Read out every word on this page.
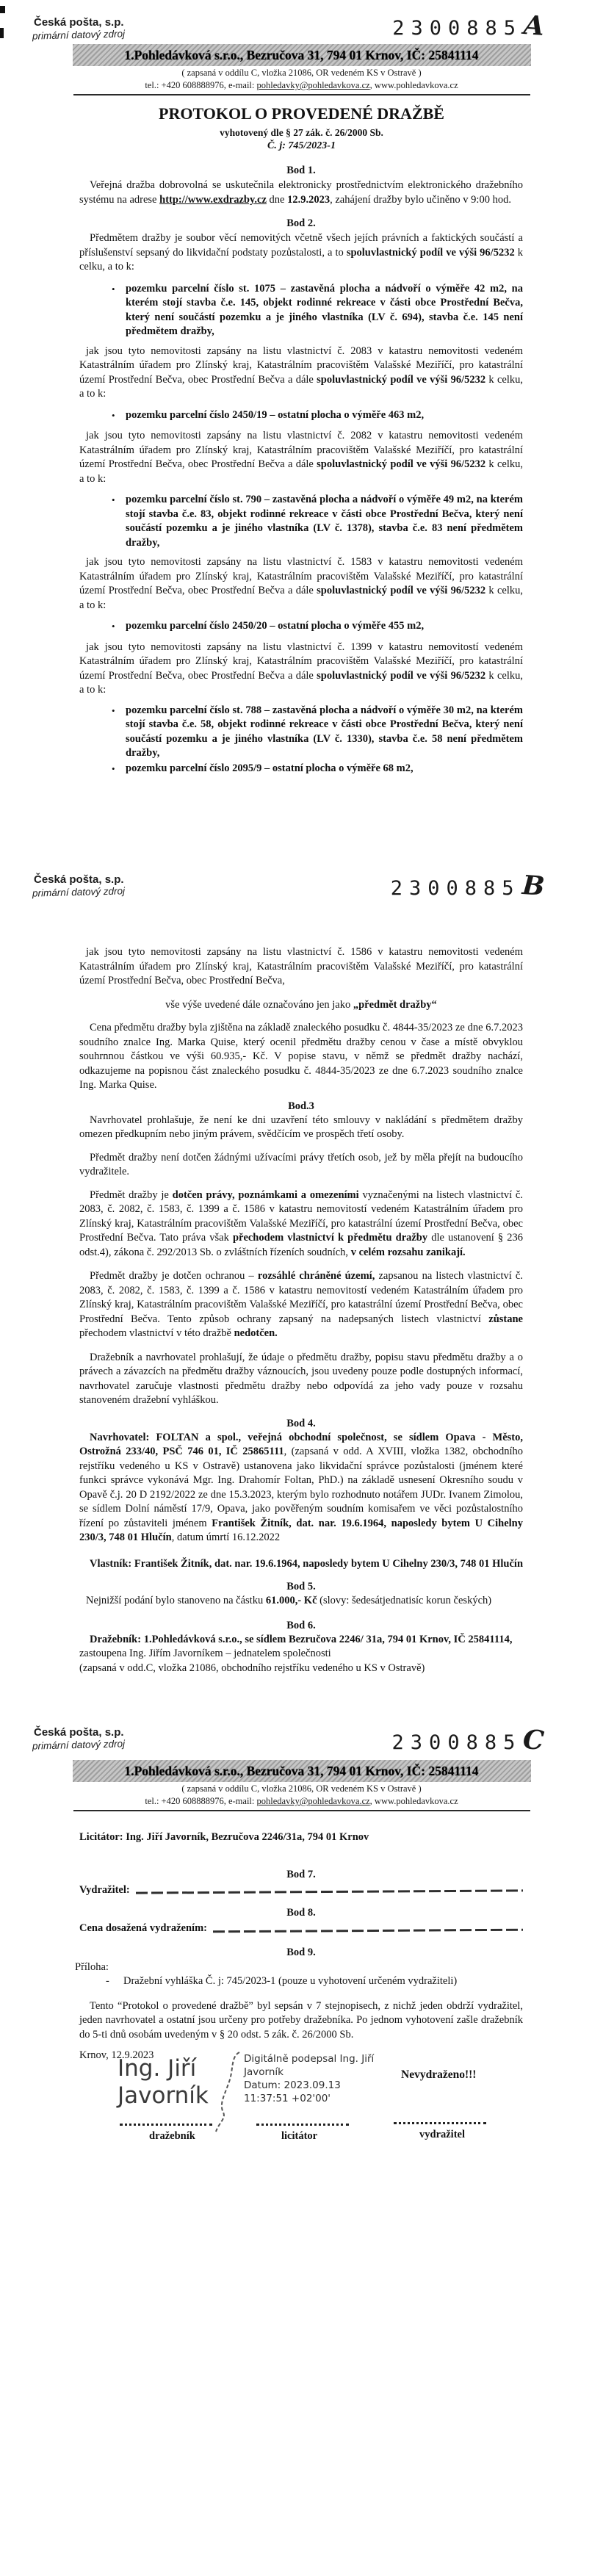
Česká pošta, s.p.
primární datový zdroj	2300885A
1.Pohledávková s.r.o., Bezručova 31, 794 01 Krnov, IČ: 25841114
( zapsaná v oddílu C, vložka 21086, OR vedeném KS v Ostravě )
tel.: +420 608888976, e-mail: pohledavky@pohledavkova.cz, www.pohledavkova.cz
PROTOKOL O PROVEDENÉ DRAŽBĚ
vyhotovený dle § 27 zák. č. 26/2000 Sb.
Č. j: 745/2023-1
Bod 1.
Veřejná dražba dobrovolná se uskutečnila elektronicky prostřednictvím elektronického dražebního systému na adrese http://www.exdrazby.cz dne 12.9.2023, zahájení dražby bylo učiněno v 9:00 hod.
Bod 2.
Předmětem dražby je soubor věcí nemovitých včetně všech jejích právních a faktických součástí a příslušenství sepsaný do likvidační podstaty pozůstalosti, a to spoluvlastnický podíl ve výši 96/5232 k celku, a to k:
• pozemku parcelní číslo st. 1075 – zastavěná plocha a nádvoří o výměře 42 m2, na kterém stojí stavba č.e. 145, objekt rodinné rekreace v části obce Prostřední Bečva, který není součástí pozemku a je jiného vlastníka (LV č. 694), stavba č.e. 145 není předmětem dražby,
jak jsou tyto nemovitosti zapsány na listu vlastnictví č. 2083 v katastru nemovitosti vedeném Katastrálním úřadem pro Zlínský kraj, Katastrálním pracovištěm Valašské Meziříčí, pro katastrální území Prostřední Bečva, obec Prostřední Bečva a dále spoluvlastnický podíl ve výši 96/5232 k celku, a to k:
• pozemku parcelní číslo 2450/19 – ostatní plocha o výměře 463 m2,
jak jsou tyto nemovitosti zapsány na listu vlastnictví č. 2082 v katastru nemovitosti vedeném Katastrálním úřadem pro Zlínský kraj, Katastrálním pracovištěm Valašské Meziříčí, pro katastrální území Prostřední Bečva, obec Prostřední Bečva a dále spoluvlastnický podíl ve výši 96/5232 k celku, a to k:
• pozemku parcelní číslo st. 790 – zastavěná plocha a nádvoří o výměře 49 m2, na kterém stojí stavba č.e. 83, objekt rodinné rekreace v části obce Prostřední Bečva, který není součástí pozemku a je jiného vlastníka (LV č. 1378), stavba č.e. 83 není předmětem dražby,
jak jsou tyto nemovitosti zapsány na listu vlastnictví č. 1583 v katastru nemovitosti vedeném Katastrálním úřadem pro Zlínský kraj, Katastrálním pracovištěm Valašské Meziříčí, pro katastrální území Prostřední Bečva, obec Prostřední Bečva a dále spoluvlastnický podíl ve výši 96/5232 k celku, a to k:
• pozemku parcelní číslo 2450/20 – ostatní plocha o výměře 455 m2,
jak jsou tyto nemovitosti zapsány na listu vlastnictví č. 1399 v katastru nemovitostí vedeném Katastrálním úřadem pro Zlínský kraj, Katastrálním pracovištěm Valašské Meziříčí, pro katastrální území Prostřední Bečva, obec Prostřední Bečva a dále spoluvlastnický podíl ve výši 96/5232 k celku, a to k:
• pozemku parcelní číslo st. 788 – zastavěná plocha a nádvoří o výměře 30 m2, na kterém stojí stavba č.e. 58, objekt rodinné rekreace v části obce Prostřední Bečva, který není součástí pozemku a je jiného vlastníka (LV č. 1330), stavba č.e. 58 není předmětem dražby,
• pozemku parcelní číslo 2095/9 – ostatní plocha o výměře 68 m2,
Česká pošta, s.p.
primární datový zdroj	2300885B
jak jsou tyto nemovitosti zapsány na listu vlastnictví č. 1586 v katastru nemovitosti vedeném Katastrálním úřadem pro Zlínský kraj, Katastrálním pracovištěm Valašské Meziříčí, pro katastrální území Prostřední Bečva, obec Prostřední Bečva,
vše výše uvedené dále označováno jen jako „předmět dražby“
Cena předmětu dražby byla zjištěna na základě znaleckého posudku č. 4844-35/2023 ze dne 6.7.2023 soudního znalce Ing. Marka Quise, který ocenil předmětu dražby cenou v čase a místě obvyklou souhrnnou částkou ve výši 60.935,- Kč. V popise stavu, v němž se předmět dražby nachází, odkazujeme na popisnou část znaleckého posudku č. 4844-35/2023 ze dne 6.7.2023 soudního znalce Ing. Marka Quise.
Bod.3
Navrhovatel prohlašuje, že není ke dni uzavření této smlouvy v nakládání s předmětem dražby omezen předkupním nebo jiným právem, svědčícím ve prospěch třetí osoby.
Předmět dražby není dotčen žádnými užívacími právy třetích osob, jež by měla přejít na budoucího vydražitele.
Předmět dražby je dotčen právy, poznámkami a omezeními vyznačenými na listech vlastnictví č. 2083, č. 2082, č. 1583, č. 1399 a č. 1586 v katastru nemovitostí vedeném Katastrálním úřadem pro Zlínský kraj, Katastrálním pracovištěm Valašské Meziříčí, pro katastrální území Prostřední Bečva, obec Prostřední Bečva. Tato práva však přechodem vlastnictví k předmětu dražby dle ustanovení § 236 odst.4), zákona č. 292/2013 Sb. o zvláštních řízeních soudních, v celém rozsahu zanikají.
Předmět dražby je dotčen ochranou – rozsáhlé chráněné území, zapsanou na listech vlastnictví č. 2083, č. 2082, č. 1583, č. 1399 a č. 1586 v katastru nemovitostí vedeném Katastrálním úřadem pro Zlínský kraj, Katastrálním pracovištěm Valašské Meziříčí, pro katastrální území Prostřední Bečva, obec Prostřední Bečva. Tento způsob ochrany zapsaný na nadepsaných listech vlastnictví zůstane přechodem vlastnictví v této dražbě nedotčen.
Dražebník a navrhovatel prohlašují, že údaje o předmětu dražby, popisu stavu předmětu dražby a o právech a závazcích na předmětu dražby váznoucích, jsou uvedeny pouze podle dostupných informací, navrhovatel zaručuje vlastnosti předmětu dražby nebo odpovídá za jeho vady pouze v rozsahu stanoveném dražební vyhláškou.
Bod 4.
Navrhovatel: FOLTAN a spol., veřejná obchodní společnost, se sídlem Opava - Město, Ostrožná 233/40, PSČ 746 01, IČ 25865111, (zapsaná v odd. A XVIII, vložka 1382, obchodního rejstříku vedeného u KS v Ostravě) ustanovena jako likvidační správce pozůstalosti (jménem které funkci správce vykonává Mgr. Ing. Drahomír Foltan, PhD.) na základě usnesení Okresního soudu v Opavě č.j. 20 D 2192/2022 ze dne 15.3.2023, kterým bylo rozhodnuto notářem JUDr. Ivanem Zimolou, se sídlem Dolní náměstí 17/9, Opava, jako pověřeným soudním komisařem ve věci pozůstalostního řízení po zůstaviteli jménem František Žitník, dat. nar. 19.6.1964, naposledy bytem U Cihelny 230/3, 748 01 Hlučín, datum úmrtí 16.12.2022
Vlastník: František Žitník, dat. nar. 19.6.1964, naposledy bytem U Cihelny 230/3, 748 01 Hlučín
Bod 5.
Nejnižší podání bylo stanoveno na částku 61.000,- Kč (slovy: šedesátjednatisíc korun českých)
Bod 6.
Dražebník: 1.Pohledávková s.r.o., se sídlem Bezručova 2246/ 31a, 794 01 Krnov, IČ 25841114,
zastoupena Ing. Jiřím Javorníkem – jednatelem společnosti
(zapsaná v odd.C, vložka 21086, obchodního rejstříku vedeného u KS v Ostravě)
Česká pošta, s.p.
primární datový zdroj	2300885C
1.Pohledávková s.r.o., Bezručova 31, 794 01 Krnov, IČ: 25841114
( zapsaná v oddílu C, vložka 21086, OR vedeném KS v Ostravě )
tel.: +420 608888976, e-mail: pohledavky@pohledavkova.cz, www.pohledavkova.cz
Licitátor: Ing. Jiří Javorník, Bezručova 2246/31a, 794 01 Krnov
Bod 7.
Vydražitel:
Bod 8.
Cena dosažená vydražením:
Bod 9.
Příloha:
-	Dražební vyhláška Č. j: 745/2023-1 (pouze u vyhotovení určeném vydražiteli)
Tento “Protokol o provedené dražbě” byl sepsán v 7 stejnopisech, z nichž jeden obdrží vydražitel, jeden navrhovatel a ostatní jsou určeny pro potřeby dražebníka. Po jednom vyhotovení zašle dražebník do 5-ti dnů osobám uvedeným v § 20 odst. 5 zák. č. 26/2000 Sb.
Krnov, 12.9.2023
Ing. Jiří
Javorník
Digitálně podepsal Ing. Jiří Javorník
Datum: 2023.09.13
11:37:51 +02'00'
Nevydraženo!!!
dražebník	licitátor	vydražitel
